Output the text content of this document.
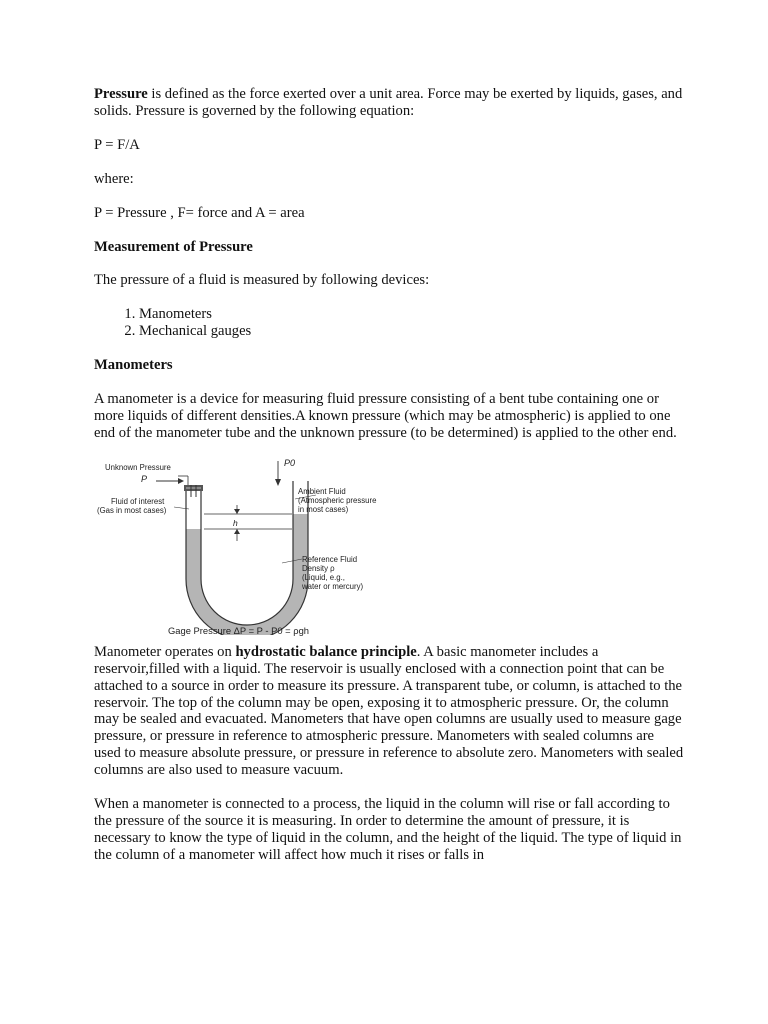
Pressure is defined as the force exerted over a unit area. Force may be exerted by liquids, gases, and solids. Pressure is governed by the following equation:

P = F/A

where:

P = Pressure , F= force and A = area

Measurement of Pressure

The pressure of a fluid is measured by following devices:

1. Manometers
2. Mechanical gauges
Manometers

A manometer is a device for measuring fluid pressure consisting of a bent tube containing one or more liquids of different densities.A known pressure (which may be atmospheric) is applied to one end of the manometer tube and the unknown pressure (to be determined) is applied to the other end.

Unknown Pressure
P
P0
Fluid of interest
(Gas in most cases)
h
Ambient Fluid
(Atmospheric pressure
in most cases)
Reference Fluid
Density ρ
(Liquid, e.g.,
water or mercury)
Gage Pressure ΔP = P - P0 = ρgh

Manometer operates on hydrostatic balance principle. A basic manometer includes a reservoir,filled with a liquid. The reservoir is usually enclosed with a connection point that can be attached to a source in order to measure its pressure. A transparent tube, or column, is attached to the reservoir. The top of the column may be open, exposing it to atmospheric pressure. Or, the column may be sealed and evacuated. Manometers that have open columns are usually used to measure gage pressure, or pressure in reference to atmospheric pressure. Manometers with sealed columns are used to measure absolute pressure, or pressure in reference to absolute zero. Manometers with sealed columns are also used to measure vacuum.

When a manometer is connected to a process, the liquid in the column will rise or fall according to the pressure of the source it is measuring. In order to determine the amount of pressure, it is necessary to know the type of liquid in the column, and the height of the liquid. The type of liquid in the column of a manometer will affect how much it rises or falls in
